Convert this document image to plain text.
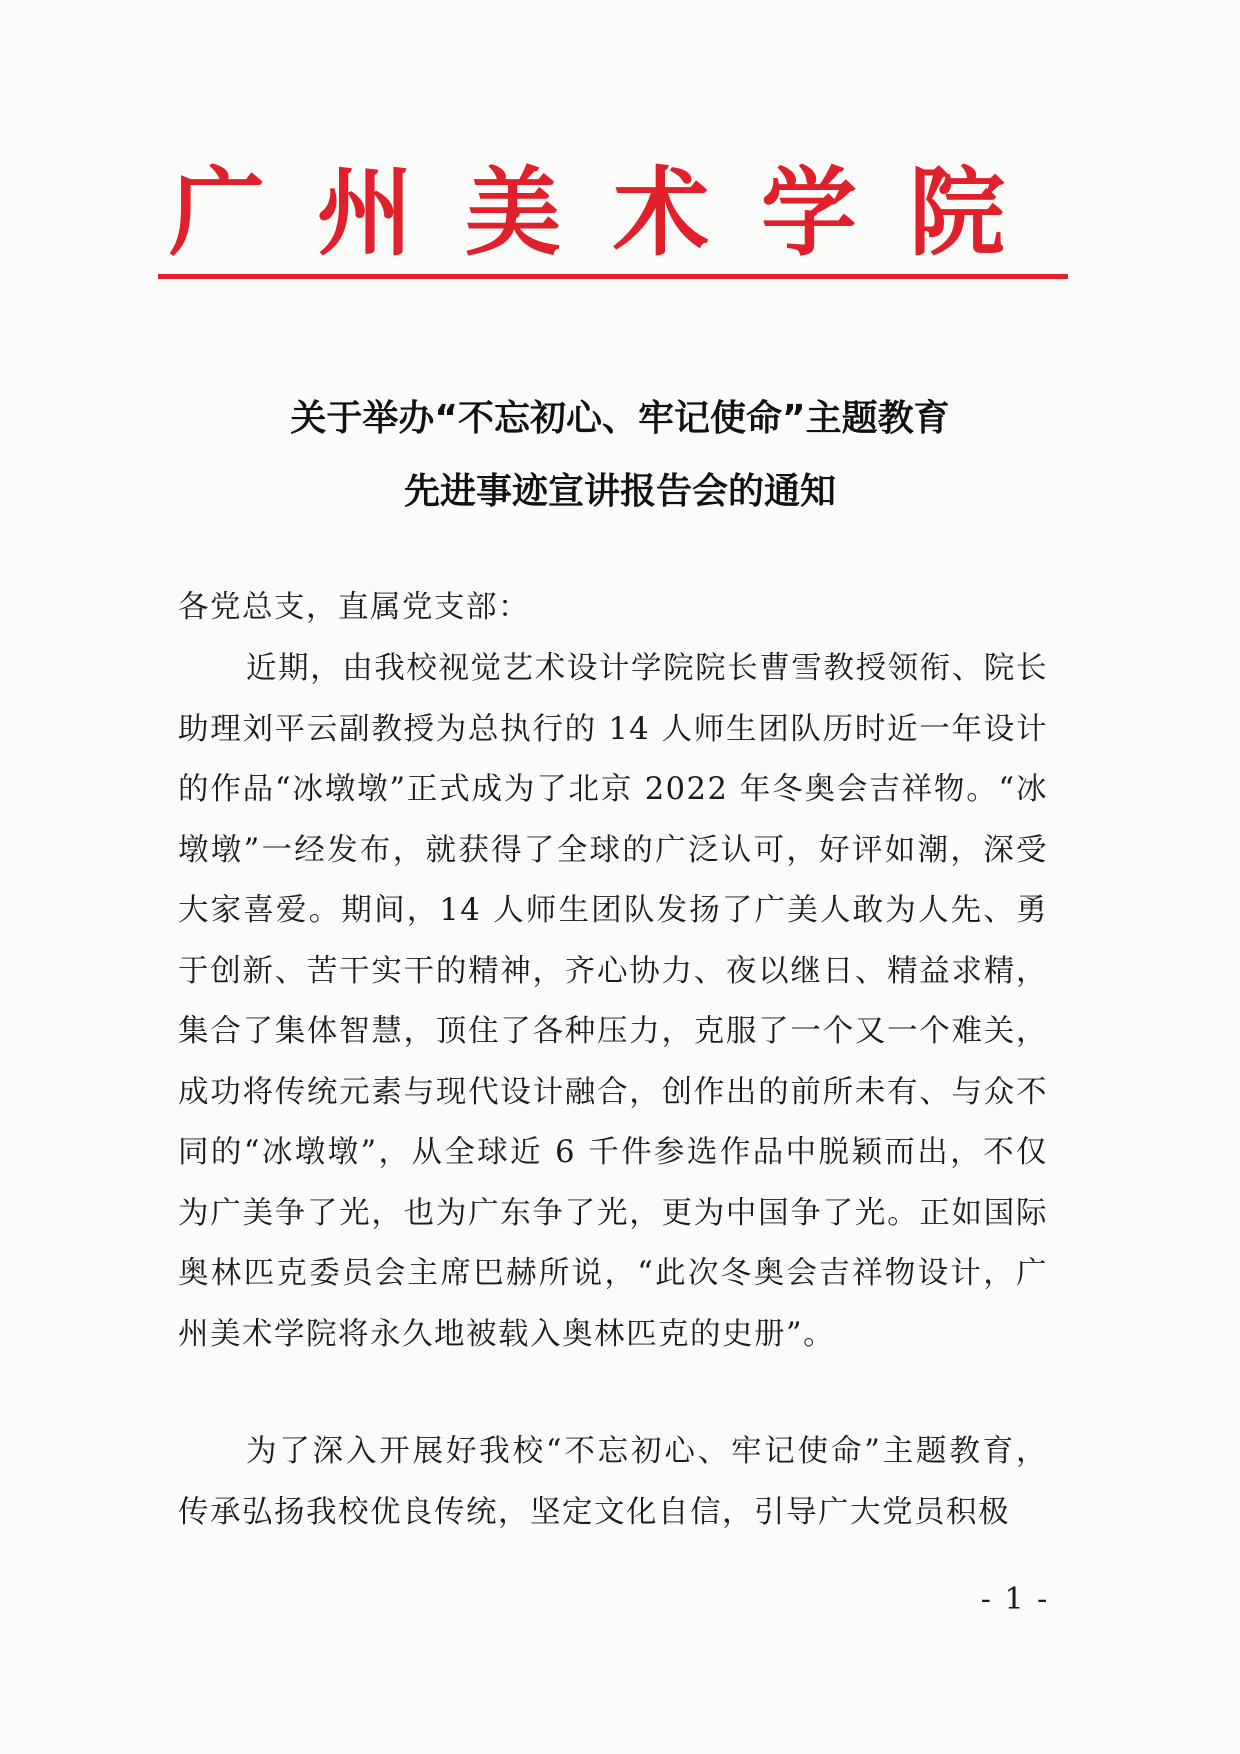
广州美术学院
关于举办“不忘初心、牢记使命”主题教育
先进事迹宣讲报告会的通知
各党总支，直属党支部：
近期，由我校视觉艺术设计学院院长曹雪教授领衔、院长助理刘平云副教授为总执行的 14 人师生团队历时近一年设计的作品“冰墩墩”正式成为了北京 2022 年冬奥会吉祥物。“冰墩墩”一经发布，就获得了全球的广泛认可，好评如潮，深受大家喜爱。期间，14 人师生团队发扬了广美人敢为人先、勇于创新、苦干实干的精神，齐心协力、夜以继日、精益求精，集合了集体智慧，顶住了各种压力，克服了一个又一个难关，成功将传统元素与现代设计融合，创作出的前所未有、与众不同的“冰墩墩”，从全球近 6 千件参选作品中脱颖而出，不仅为广美争了光，也为广东争了光，更为中国争了光。正如国际奥林匹克委员会主席巴赫所说，“此次冬奥会吉祥物设计，广州美术学院将永久地被载入奥林匹克的史册”。
为了深入开展好我校“不忘初心、牢记使命”主题教育，传承弘扬我校优良传统，坚定文化自信，引导广大党员积极
- 1 -
